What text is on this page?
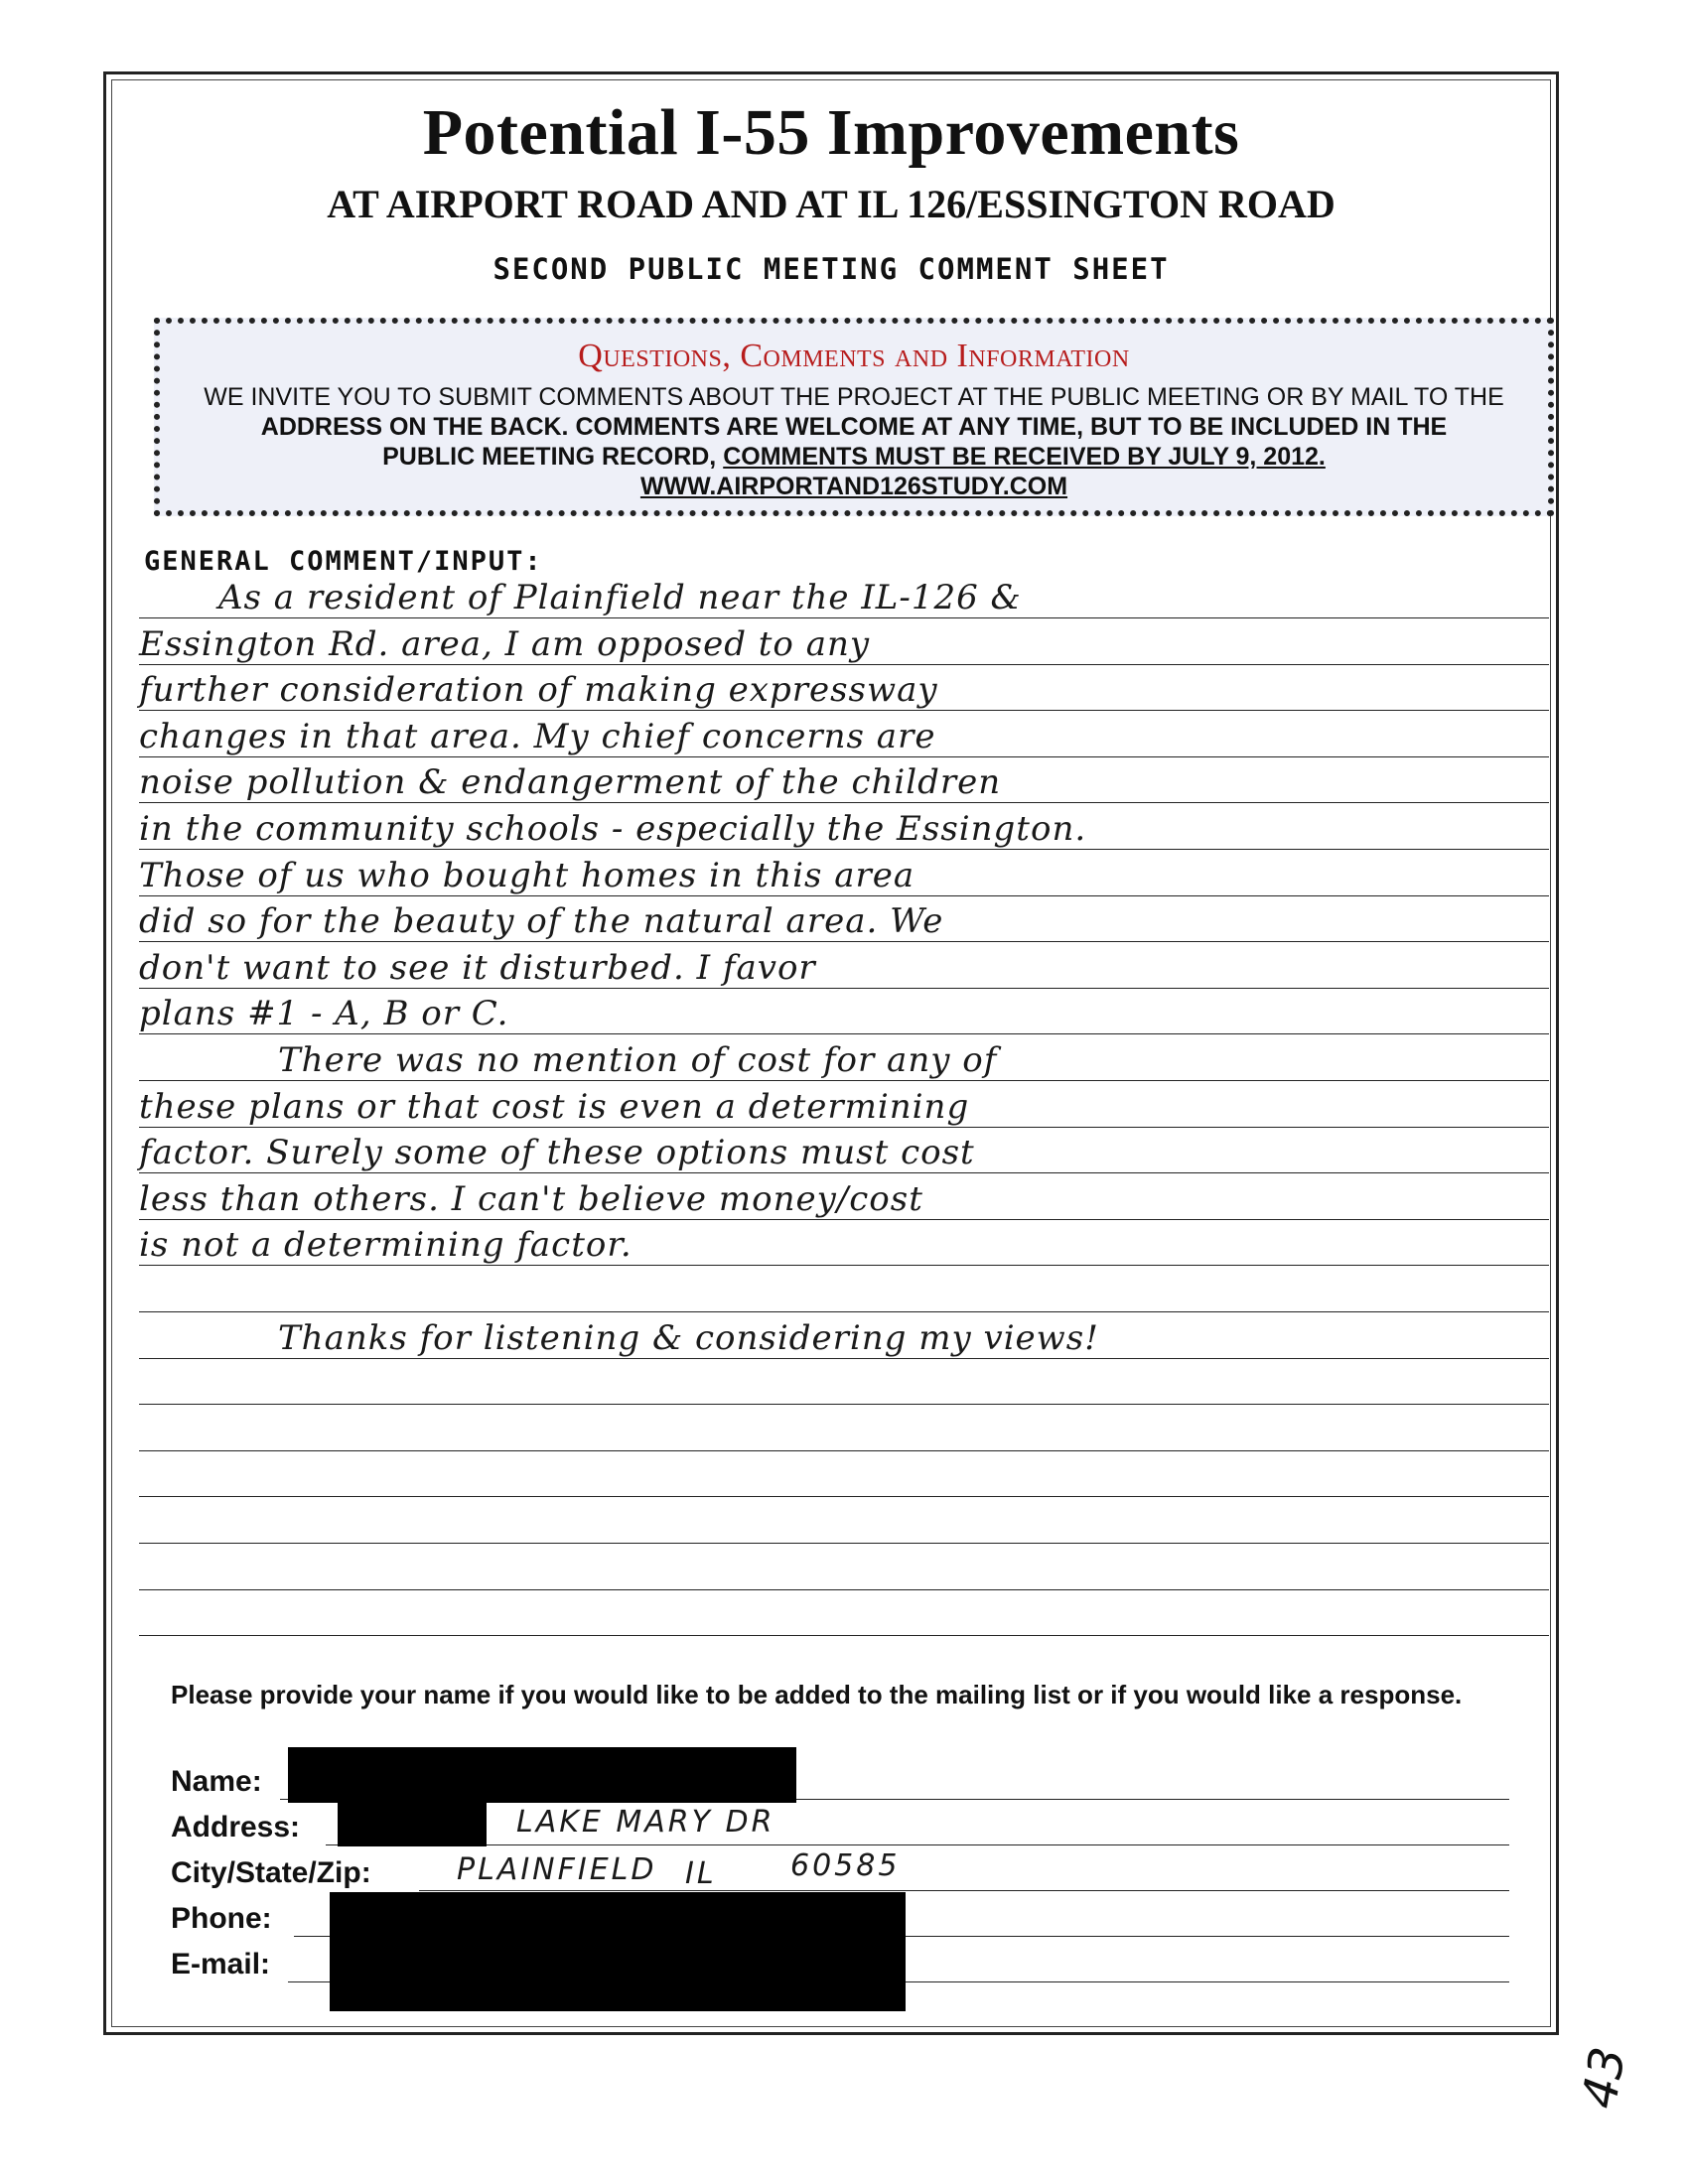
Potential I-55 Improvements
AT AIRPORT ROAD AND AT IL 126/ESSINGTON ROAD
SECOND PUBLIC MEETING COMMENT SHEET
Questions, Comments and Information
WE INVITE YOU TO SUBMIT COMMENTS ABOUT THE PROJECT AT THE PUBLIC MEETING OR BY MAIL TO THE
ADDRESS ON THE BACK. COMMENTS ARE WELCOME AT ANY TIME, BUT TO BE INCLUDED IN THE
PUBLIC MEETING RECORD, COMMENTS MUST BE RECEIVED BY JULY 9, 2012.
WWW.AIRPORTAND126STUDY.COM
GENERAL COMMENT/INPUT:
As a resident of Plainfield near the IL-126 &
Essington Rd. area, I am opposed to any
further consideration of making expressway
changes in that area. My chief concerns are
noise pollution & endangerment of the children
in the community schools - especially the Essington.
Those of us who bought homes in this area
did so for the beauty of the natural area. We
don't want to see it disturbed. I favor
plans #1 - A, B or C.
There was no mention of cost for any of
these plans or that cost is even a determining
factor. Surely some of these options must cost
less than others. I can't believe money/cost
is not a determining factor.
Thanks for listening & considering my views!
Please provide your name if you would like to be added to the mailing list or if you would like a response.
Name:
Address:	LAKE MARY DR
City/State/Zip:	PLAINFIELD IL 60585
Phone:
E-mail:
43
